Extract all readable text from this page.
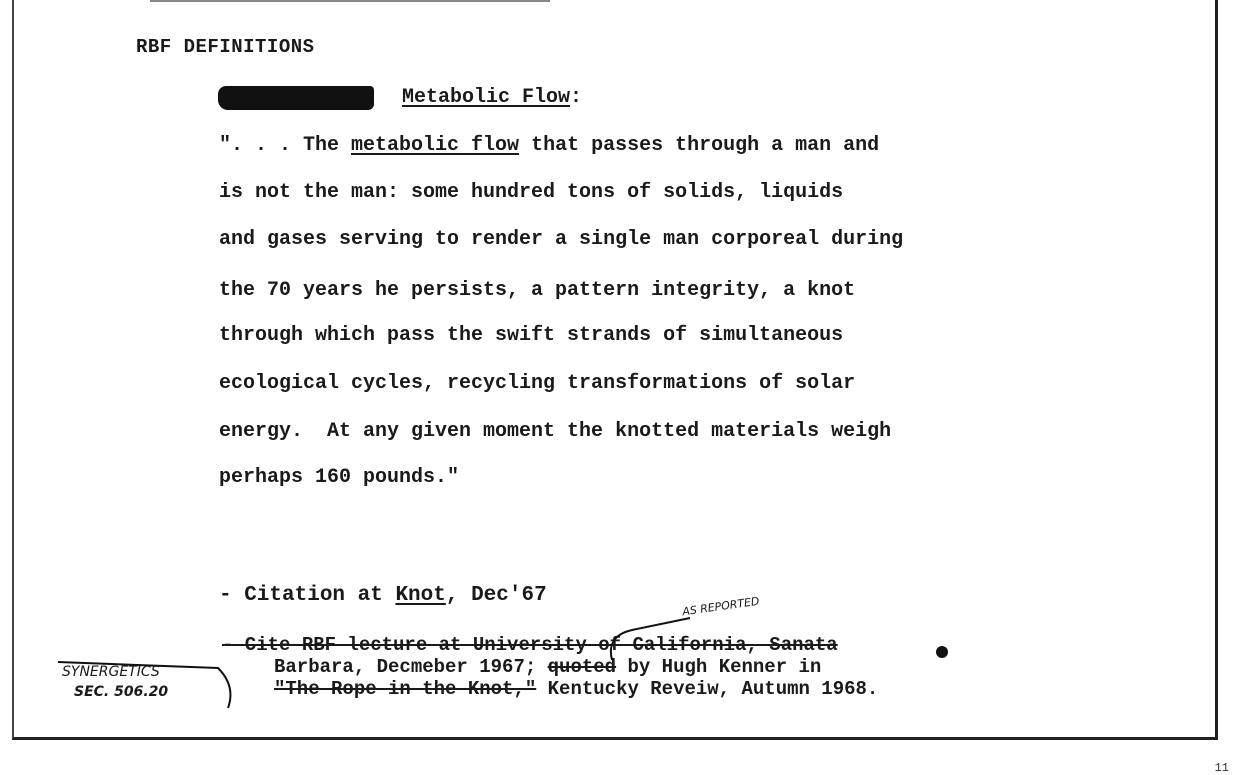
RBF DEFINITIONS
Metabolic Flow:
". . . The metabolic flow that passes through a man and
is not the man: some hundred tons of solids, liquids
and gases serving to render a single man corporeal during
the 70 years he persists, a pattern integrity, a knot
through which pass the swift strands of simultaneous
ecological cycles, recycling transformations of solar
energy.  At any given moment the knotted materials weigh
perhaps 160 pounds."
- Citation at Knot, Dec'67	AS REPORTED
- Cite RBF lecture at University of California, Sanata
Barbara, Decmeber 1967; quoted by Hugh Kenner in
"The Rope in the Knot," Kentucky Reveiw, Autumn 1968.
SYNERGETICS
SEC. 506.20
11
